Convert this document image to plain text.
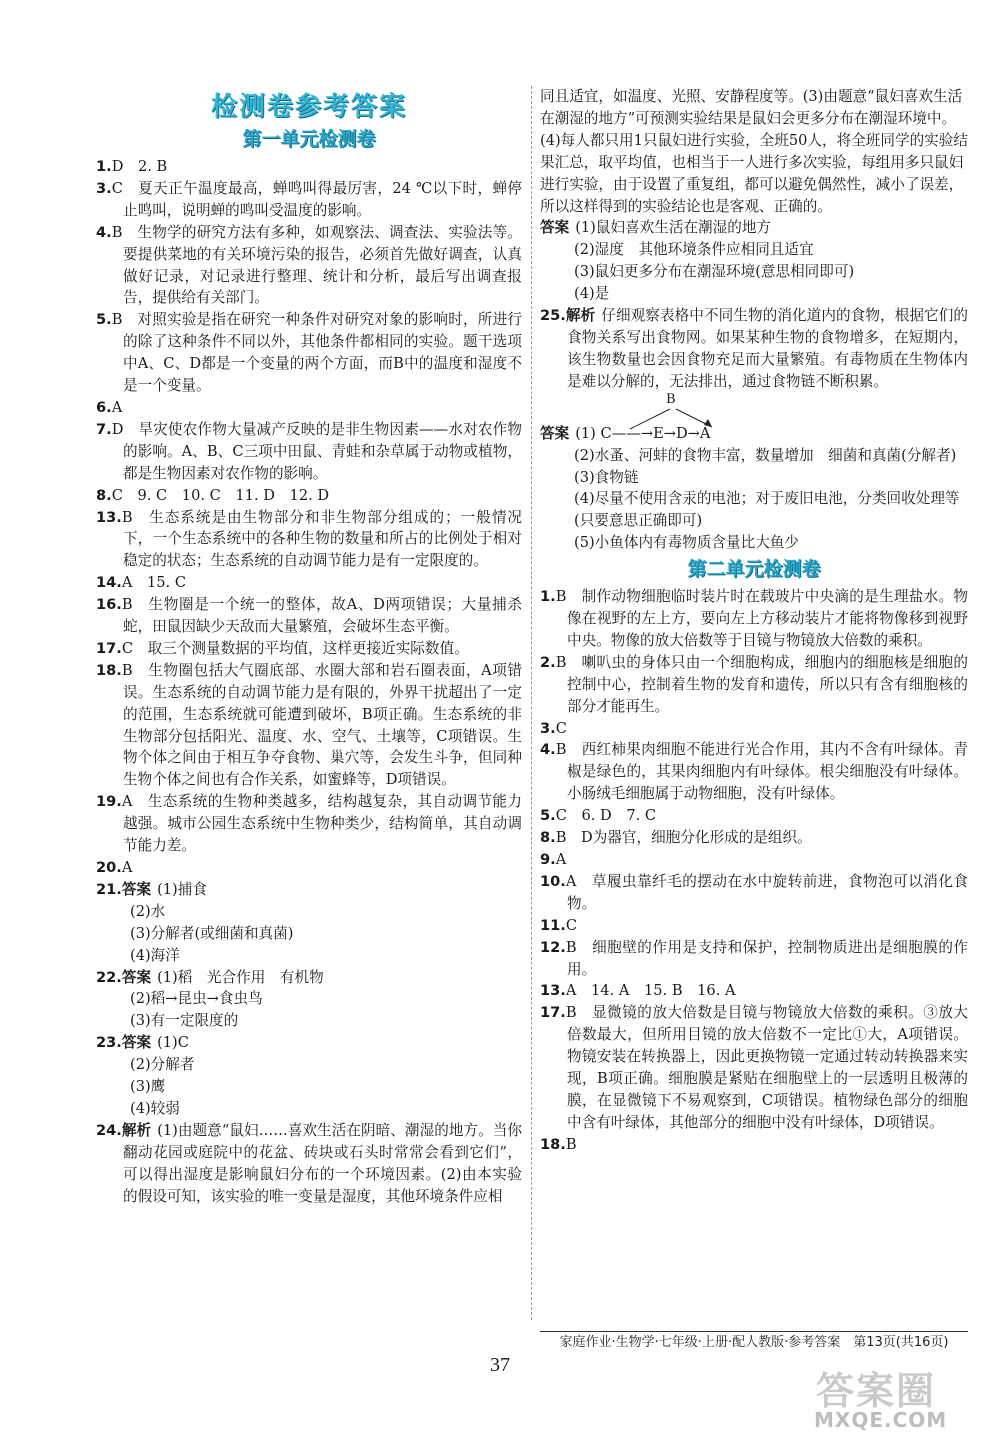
检测卷参考答案
第一单元检测卷
1.D　2. B
3.C　夏天正午温度最高，蝉鸣叫得最厉害，24 ℃以下时，蝉停止鸣叫，说明蝉的鸣叫受温度的影响。
4.B　生物学的研究方法有多种，如观察法、调查法、实验法等。要提供菜地的有关环境污染的报告，必须首先做好调查，认真做好记录，对记录进行整理、统计和分析，最后写出调查报告，提供给有关部门。
5.B　对照实验是指在研究一种条件对研究对象的影响时，所进行的除了这种条件不同以外，其他条件都相同的实验。题干选项中A、C、D都是一个变量的两个方面，而B中的温度和湿度不是一个变量。
6.A
7.D　旱灾使农作物大量减产反映的是非生物因素——水对农作物的影响。A、B、C三项中田鼠、青蛙和杂草属于动物或植物，都是生物因素对农作物的影响。
8.C　9. C　10. C　11. D　12. D
13.B　生态系统是由生物部分和非生物部分组成的；一般情况下，一个生态系统中的各种生物的数量和所占的比例处于相对稳定的状态；生态系统的自动调节能力是有一定限度的。
14.A　15. C
16.B　生物圈是一个统一的整体，故A、D两项错误；大量捕杀蛇，田鼠因缺少天敌而大量繁殖，会破坏生态平衡。
17.C　取三个测量数据的平均值，这样更接近实际数值。
18.B　生物圈包括大气圈底部、水圈大部和岩石圈表面，A项错误。生态系统的自动调节能力是有限的，外界干扰超出了一定的范围，生态系统就可能遭到破坏，B项正确。生态系统的非生物部分包括阳光、温度、水、空气、土壤等，C项错误。生物个体之间由于相互争夺食物、巢穴等，会发生斗争，但同种生物个体之间也有合作关系，如蜜蜂等，D项错误。
19.A　生态系统的生物种类越多，结构越复杂，其自动调节能力越强。城市公园生态系统中生物种类少，结构简单，其自动调节能力差。
20.A
21.答案 (1)捕食
(2)水
(3)分解者(或细菌和真菌)
(4)海洋
22.答案 (1)稻　光合作用　有机物
(2)稻→昆虫→食虫鸟
(3)有一定限度的
23.答案 (1)C
(2)分解者
(3)鹰
(4)较弱
24.解析 (1)由题意“鼠妇……喜欢生活在阴暗、潮湿的地方。当你翻动花园或庭院中的花盆、砖块或石头时常常会看到它们”，可以得出湿度是影响鼠妇分布的一个环境因素。(2)由本实验的假设可知，该实验的唯一变量是湿度，其他环境条件应相
同且适宜，如温度、光照、安静程度等。(3)由题意“鼠妇喜欢生活在潮湿的地方”可预测实验结果是鼠妇会更多分布在潮湿环境中。(4)每人都只用1只鼠妇进行实验，全班50人，将全班同学的实验结果汇总，取平均值，也相当于一人进行多次实验，每组用多只鼠妇进行实验，由于设置了重复组，都可以避免偶然性，减小了误差，所以这样得到的实验结论也是客观、正确的。
答案 (1)鼠妇喜欢生活在潮湿的地方
(2)湿度　其他环境条件应相同且适宜
(3)鼠妇更多分布在潮湿环境(意思相同即可)
(4)是
25.解析 仔细观察表格中不同生物的消化道内的食物，根据它们的食物关系写出食物网。如果某种生物的食物增多，在短期内，该生物数量也会因食物充足而大量繁殖。有毒物质在生物体内是难以分解的，无法排出，通过食物链不断积累。
B
答案 (1) C——→E→D→A
(2)水蚤、河蚌的食物丰富，数量增加　细菌和真菌(分解者)
(3)食物链
(4)尽量不使用含汞的电池；对于废旧电池，分类回收处理等(只要意思正确即可)
(5)小鱼体内有毒物质含量比大鱼少
第二单元检测卷
1.B　制作动物细胞临时装片时在载玻片中央滴的是生理盐水。物像在视野的左上方，要向左上方移动装片才能将物像移到视野中央。物像的放大倍数等于目镜与物镜放大倍数的乘积。
2.B　喇叭虫的身体只由一个细胞构成，细胞内的细胞核是细胞的控制中心，控制着生物的发育和遗传，所以只有含有细胞核的部分才能再生。
3.C
4.B　西红柿果肉细胞不能进行光合作用，其内不含有叶绿体。青椒是绿色的，其果肉细胞内有叶绿体。根尖细胞没有叶绿体。小肠绒毛细胞属于动物细胞，没有叶绿体。
5.C　6. D　7. C
8.B　D为器官，细胞分化形成的是组织。
9.A
10.A　草履虫靠纤毛的摆动在水中旋转前进，食物泡可以消化食物。
11.C
12.B　细胞壁的作用是支持和保护，控制物质进出是细胞膜的作用。
13.A　14. A　15. B　16. A
17.B　显微镜的放大倍数是目镜与物镜放大倍数的乘积。③放大倍数最大，但所用目镜的放大倍数不一定比①大，A项错误。物镜安装在转换器上，因此更换物镜一定通过转动转换器来实现，B项正确。细胞膜是紧贴在细胞壁上的一层透明且极薄的膜，在显微镜下不易观察到，C项错误。植物绿色部分的细胞中含有叶绿体，其他部分的细胞中没有叶绿体，D项错误。
18.B
家庭作业·生物学·七年级·上册·配人教版·参考答案　第13页(共16页)
37
答案圈
MXQE.COM
